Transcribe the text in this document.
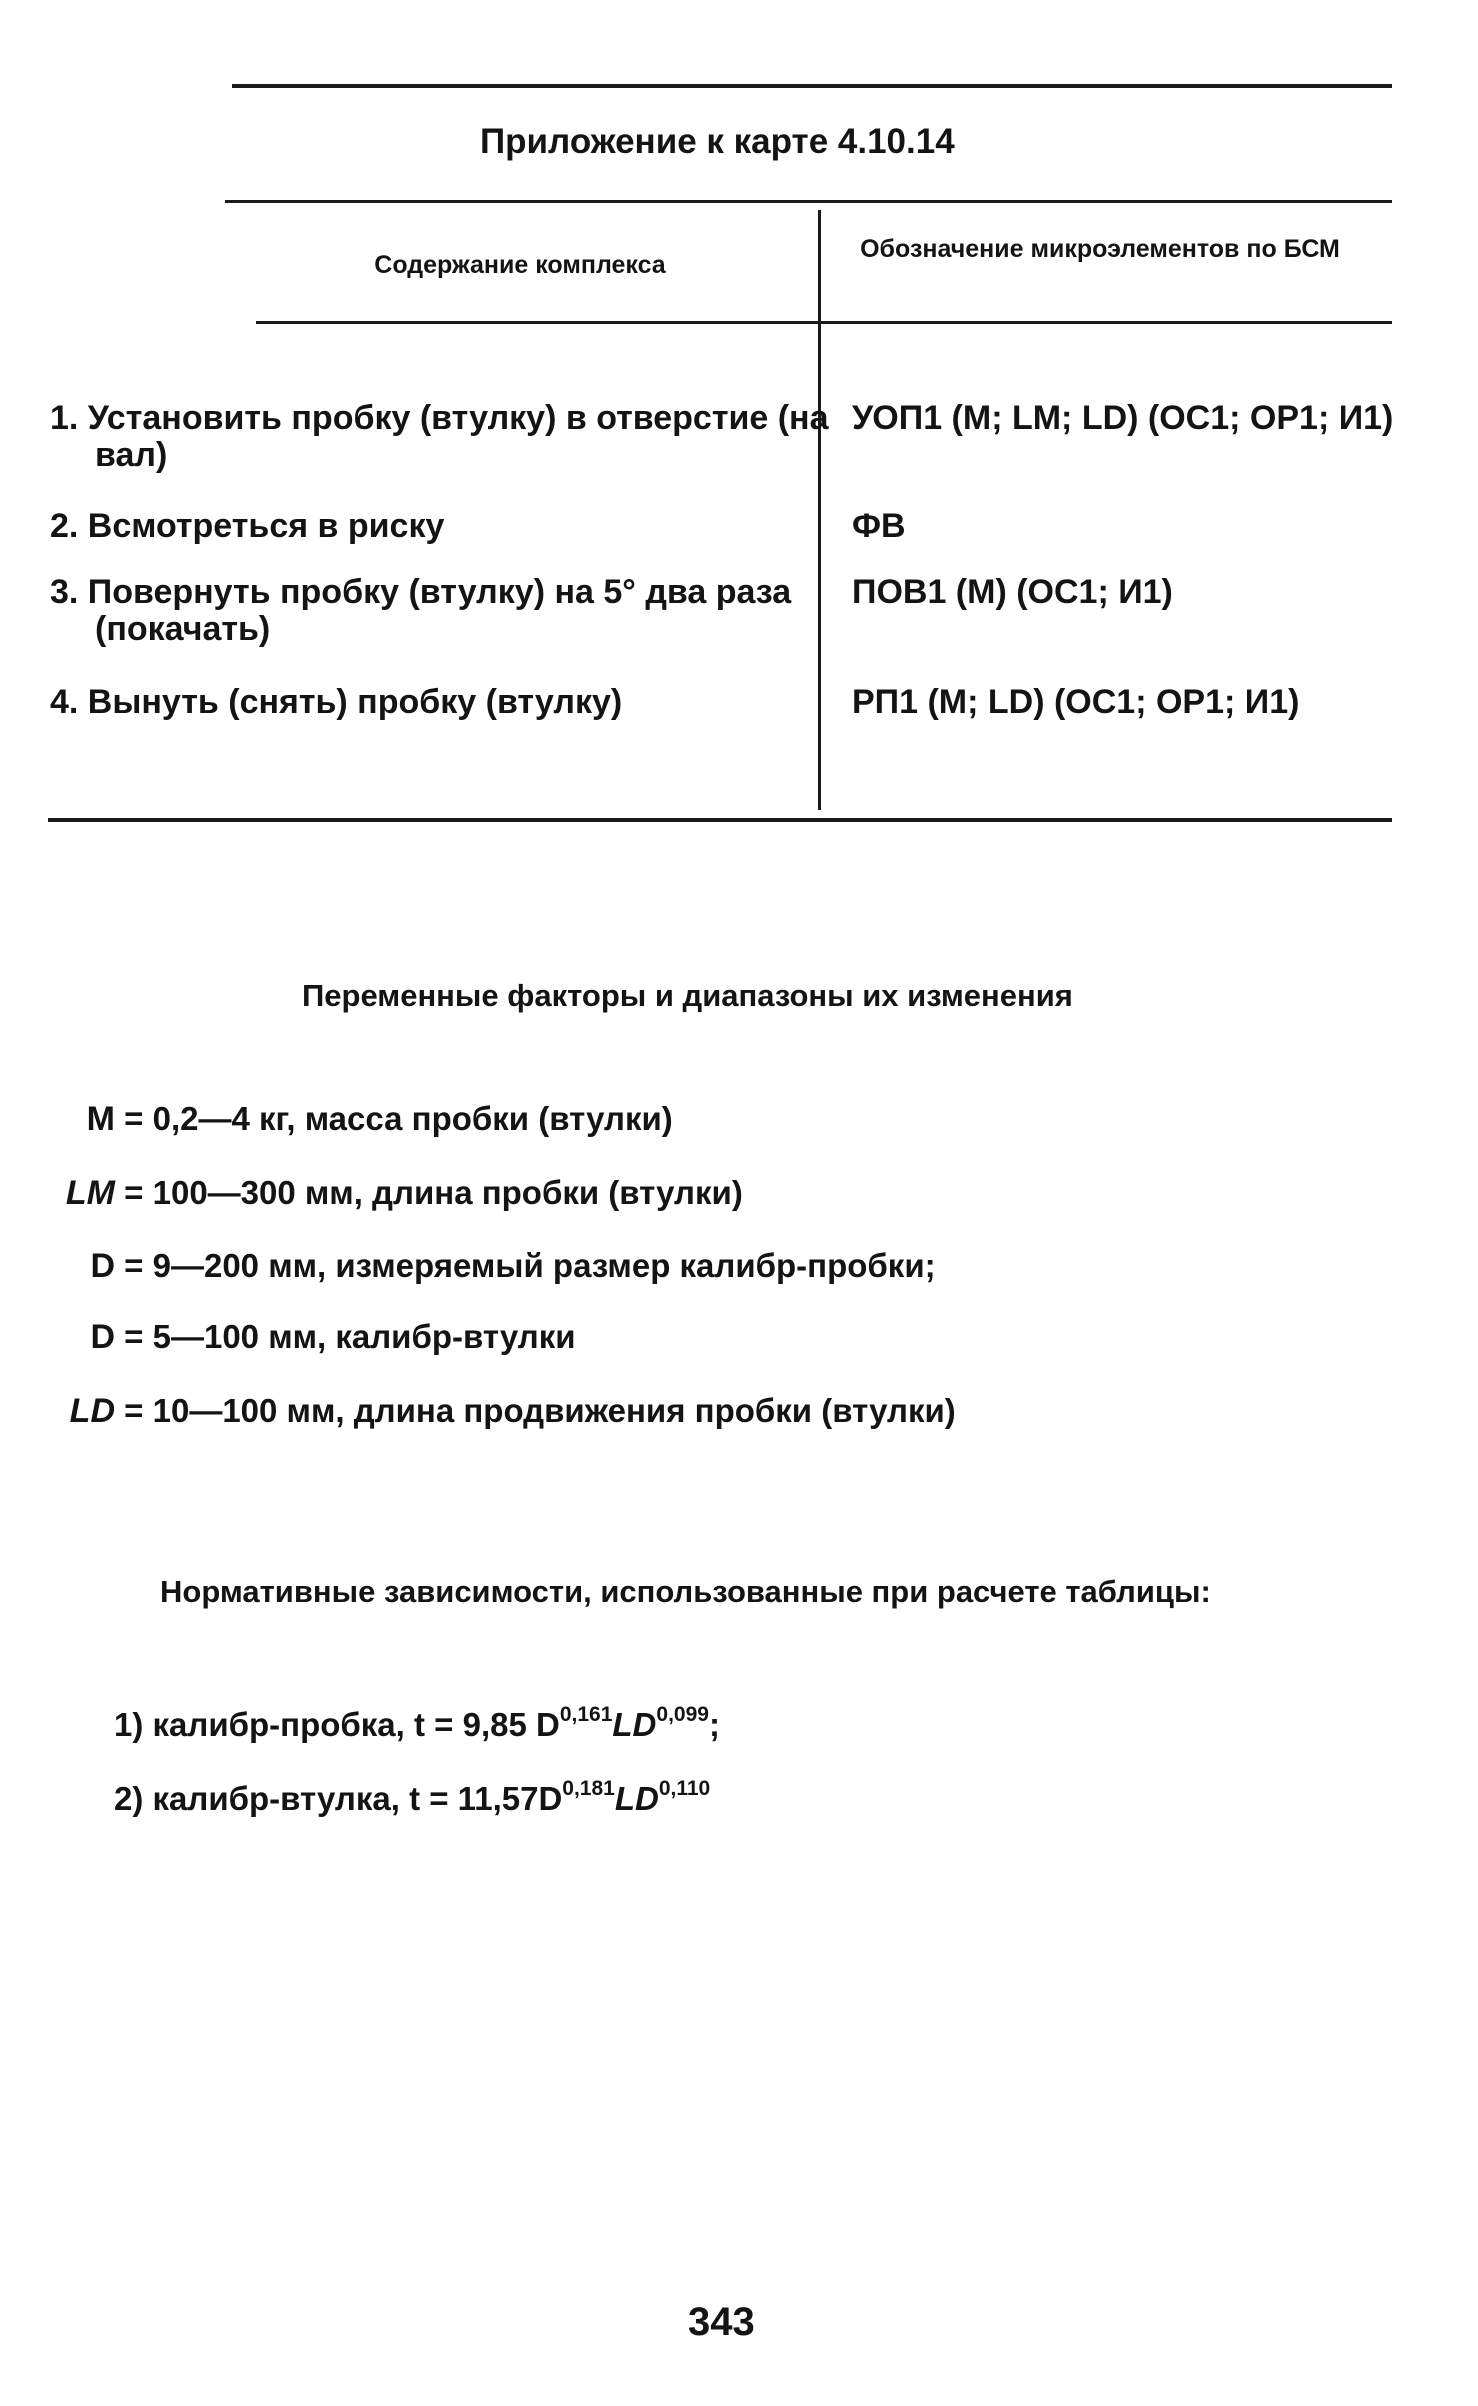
Приложение к карте 4.10.14
Содержание комплекса
Обозначение микроэлементов по БСМ
1. Установить пробку (втулку) в отверстие (на вал)
УОП1 (M; LM; LD) (ОС1; ОР1; И1)
2. Всмотреться в риску	ФВ
3. Повернуть пробку (втулку) на 5° два раза (покачать)
ПОВ1 (M) (ОС1; И1)
4. Вынуть (снять) пробку (втулку)	РП1 (M; LD) (ОС1; ОР1; И1)
Переменные факторы и диапазоны их изменения
M = 0,2—4 кг, масса пробки (втулки)
LM = 100—300 мм, длина пробки (втулки)
D = 9—200 мм, измеряемый размер калибр-пробки;
D = 5—100 мм, калибр-втулки
LD = 10—100 мм, длина продвижения пробки (втулки)
Нормативные зависимости, использованные при расчете таблицы:
1) калибр-пробка, t = 9,85 D$^{0,161}$LD$^{0,099}$;
2) калибр-втулка, $t = 11,57D^{0,181}LD^{0,110}$
343
